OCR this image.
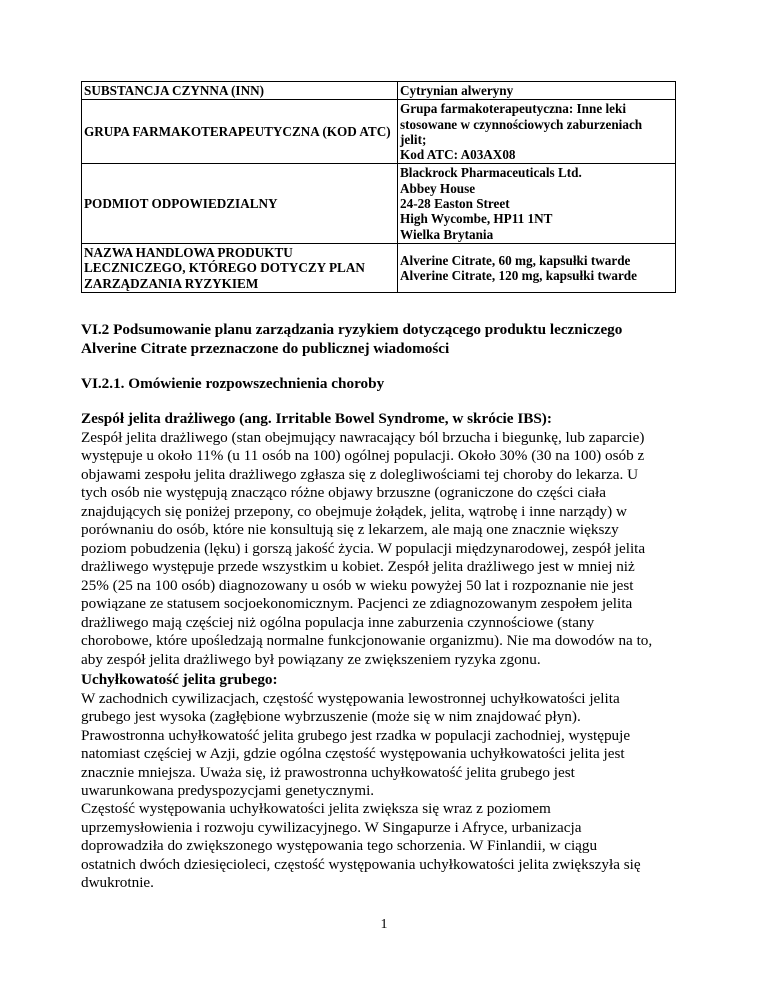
SUBSTANCJA CZYNNA (INN)	Cytrynian alweryny

GRUPA FARMAKOTERAPEUTYCZNA (KOD ATC)	Grupa farmakoterapeutyczna: Inne leki
stosowane w czynnościowych zaburzeniach
jelit;
Kod ATC: A03AX08

PODMIOT ODPOWIEDZIALNY	Blackrock Pharmaceuticals Ltd.
Abbey House
24-28 Easton Street
High Wycombe, HP11 1NT
Wielka Brytania

NAZWA HANDLOWA PRODUKTU LECZNICZEGO, KTÓREGO DOTYCZY PLAN ZARZĄDZANIA RYZYKIEM	Alverine Citrate, 60 mg, kapsułki twarde
Alverine Citrate, 120 mg, kapsułki twarde
VI.2 Podsumowanie planu zarządzania ryzykiem dotyczącego produktu leczniczego
Alverine Citrate przeznaczone do publicznej wiadomości
VI.2.1. Omówienie rozpowszechnienia choroby
Zespół jelita drażliwego (ang. Irritable Bowel Syndrome, w skrócie IBS):
Zespół jelita drażliwego (stan obejmujący nawracający ból brzucha i biegunkę, lub zaparcie)
występuje u około 11% (u 11 osób na 100) ogólnej populacji. Około 30% (30 na 100) osób z
objawami zespołu jelita drażliwego zgłasza się z dolegliwościami tej choroby do lekarza. U
tych osób nie występują znacząco różne objawy brzuszne (ograniczone do części ciała
znajdujących się poniżej przepony, co obejmuje żołądek, jelita, wątrobę i inne narządy) w
porównaniu do osób, które nie konsultują się z lekarzem, ale mają one znacznie większy
poziom pobudzenia (lęku) i gorszą jakość życia. W populacji międzynarodowej, zespół jelita
drażliwego występuje przede wszystkim u kobiet. Zespół jelita drażliwego jest w mniej niż
25% (25 na 100 osób) diagnozowany u osób w wieku powyżej 50 lat i rozpoznanie nie jest
powiązane ze statusem socjoekonomicznym. Pacjenci ze zdiagnozowanym zespołem jelita
drażliwego mają częściej niż ogólna populacja inne zaburzenia czynnościowe (stany
chorobowe, które upośledzają normalne funkcjonowanie organizmu). Nie ma dowodów na to,
aby zespół jelita drażliwego był powiązany ze zwiększeniem ryzyka zgonu.
Uchyłkowatość jelita grubego:
W zachodnich cywilizacjach, częstość występowania lewostronnej uchyłkowatości jelita
grubego jest wysoka (zagłębione wybrzuszenie (może się w nim znajdować płyn).
Prawostronna uchyłkowatość jelita grubego jest rzadka w populacji zachodniej, występuje
natomiast częściej w Azji, gdzie ogólna częstość występowania uchyłkowatości jelita jest
znacznie mniejsza. Uważa się, iż prawostronna uchyłkowatość jelita grubego jest
uwarunkowana predyspozycjami genetycznymi.
Częstość występowania uchyłkowatości jelita zwiększa się wraz z poziomem
uprzemysłowienia i rozwoju cywilizacyjnego. W Singapurze i Afryce, urbanizacja
doprowadziła do zwiększonego występowania tego schorzenia. W Finlandii, w ciągu
ostatnich dwóch dziesięcioleci, częstość występowania uchyłkowatości jelita zwiększyła się
dwukrotnie.
1
